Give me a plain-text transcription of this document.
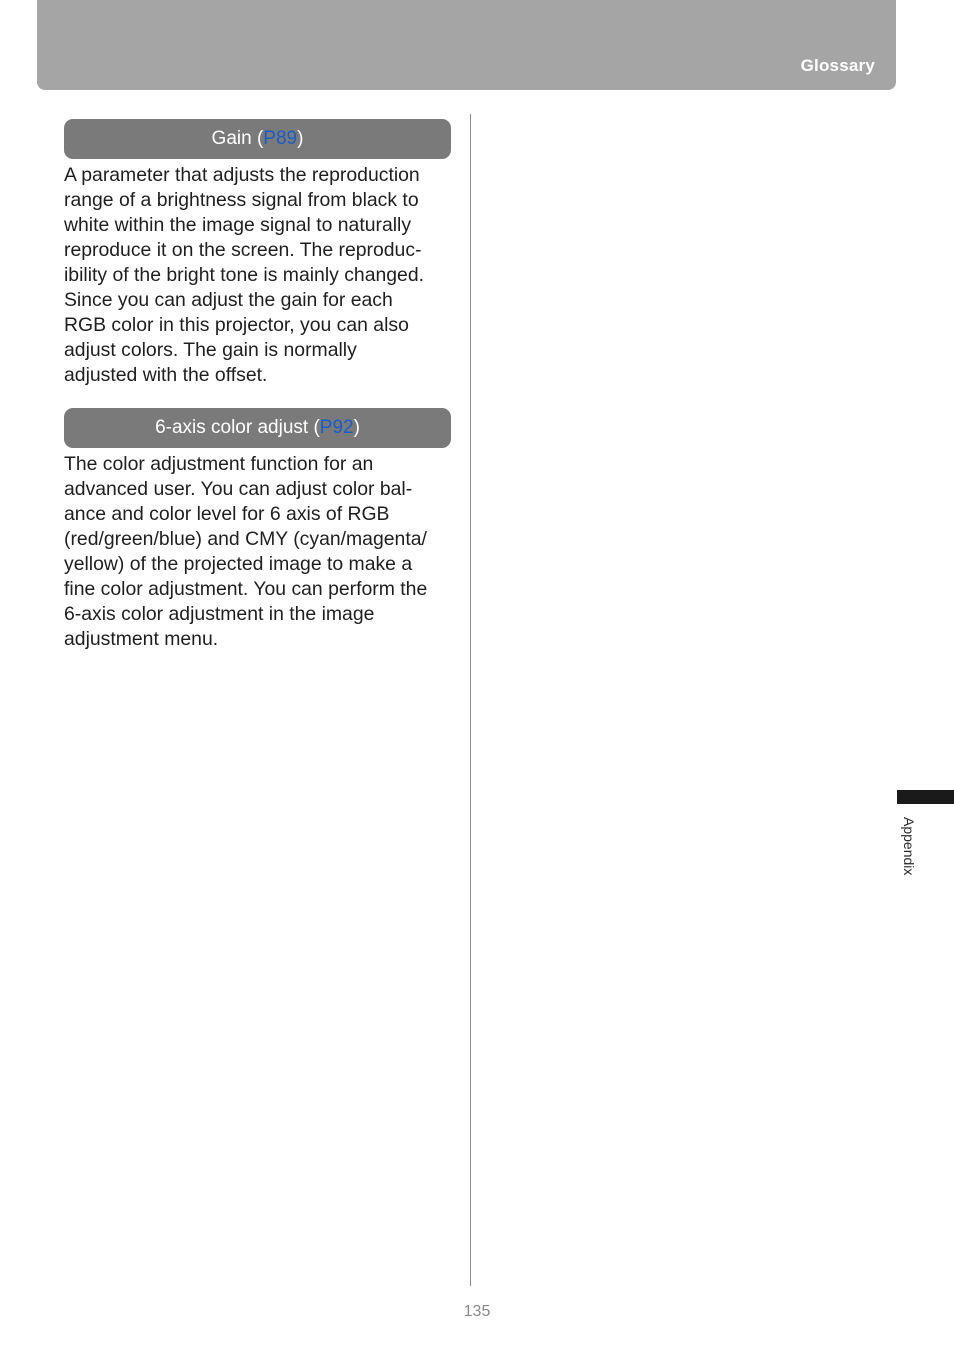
Glossary
Gain (P89)

A parameter that adjusts the reproduction
range of a brightness signal from black to
white within the image signal to naturally
reproduce it on the screen. The reproduc-
ibility of the bright tone is mainly changed.
Since you can adjust the gain for each
RGB color in this projector, you can also
adjust colors. The gain is normally
adjusted with the offset.

6-axis color adjust (P92)

The color adjustment function for an
advanced user. You can adjust color bal-
ance and color level for 6 axis of RGB
(red/green/blue) and CMY (cyan/magenta/
yellow) of the projected image to make a
fine color adjustment. You can perform the
6-axis color adjustment in the image
adjustment menu.

Appendix
135
